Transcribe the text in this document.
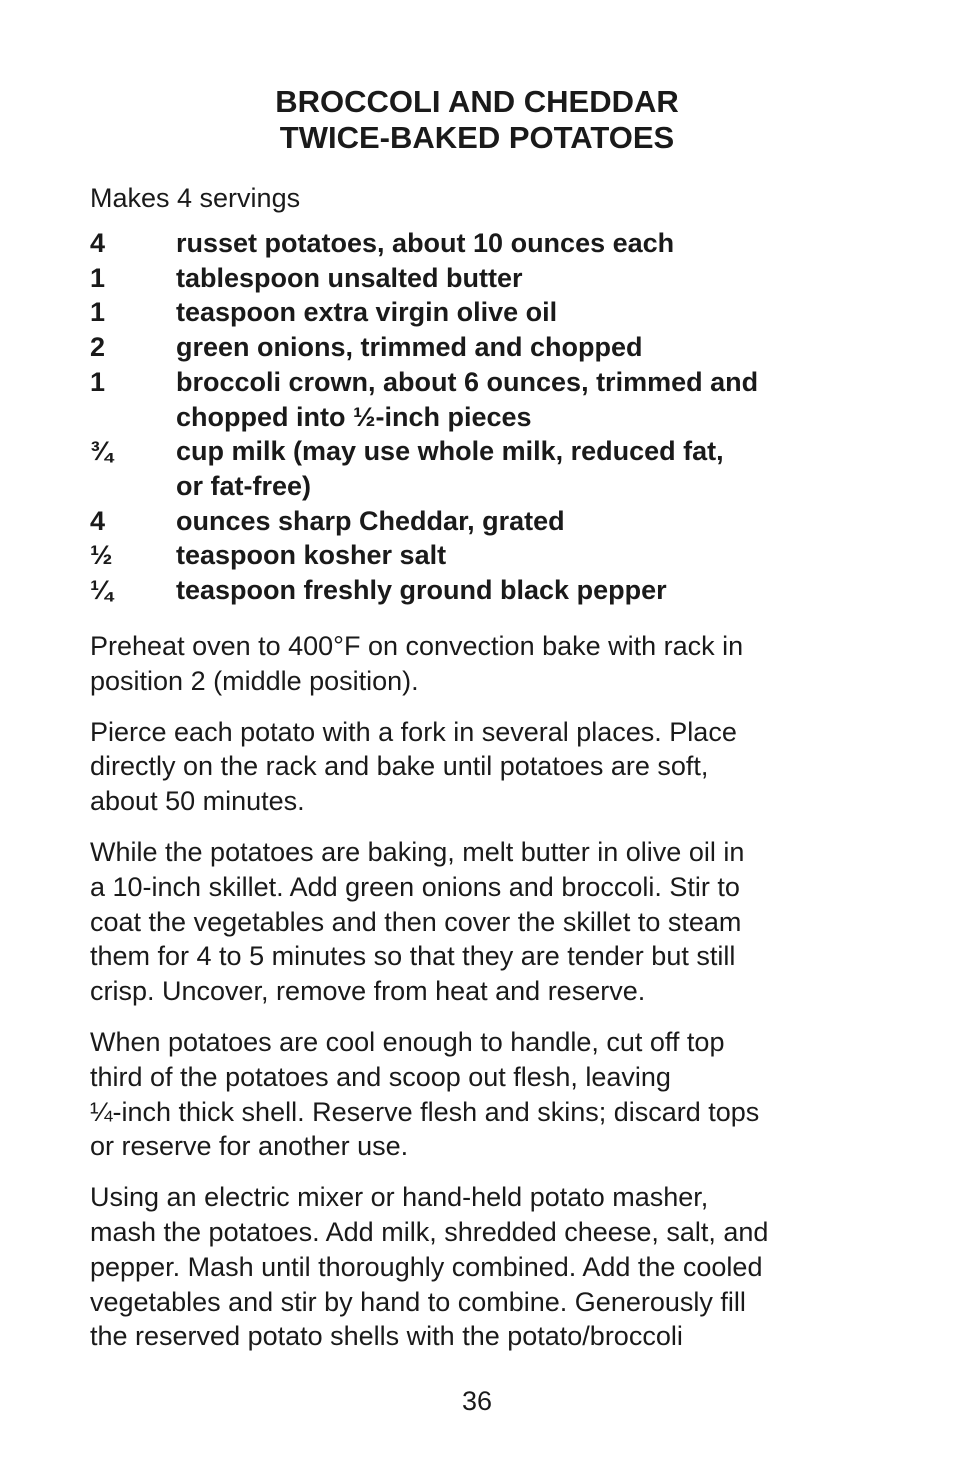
BROCCOLI AND CHEDDAR
TWICE-BAKED POTATOES

Makes 4 servings

4	russet potatoes, about 10 ounces each
1	tablespoon unsalted butter
1	teaspoon extra virgin olive oil
2	green onions, trimmed and chopped
1	broccoli crown, about 6 ounces, trimmed and
chopped into ½-inch pieces
¾	cup milk (may use whole milk, reduced fat,
or fat-free)
4	ounces sharp Cheddar, grated
½	teaspoon kosher salt
¼	teaspoon freshly ground black pepper

Preheat oven to 400°F on convection bake with rack in
position 2 (middle position).

Pierce each potato with a fork in several places. Place
directly on the rack and bake until potatoes are soft,
about 50 minutes.

While the potatoes are baking, melt butter in olive oil in
a 10-inch skillet. Add green onions and broccoli. Stir to
coat the vegetables and then cover the skillet to steam
them for 4 to 5 minutes so that they are tender but still
crisp. Uncover, remove from heat and reserve.

When potatoes are cool enough to handle, cut off top
third of the potatoes and scoop out flesh, leaving
¼-inch thick shell. Reserve flesh and skins; discard tops
or reserve for another use.

Using an electric mixer or hand-held potato masher,
mash the potatoes. Add milk, shredded cheese, salt, and
pepper. Mash until thoroughly combined. Add the cooled
vegetables and stir by hand to combine. Generously fill
the reserved potato shells with the potato/broccoli

36
